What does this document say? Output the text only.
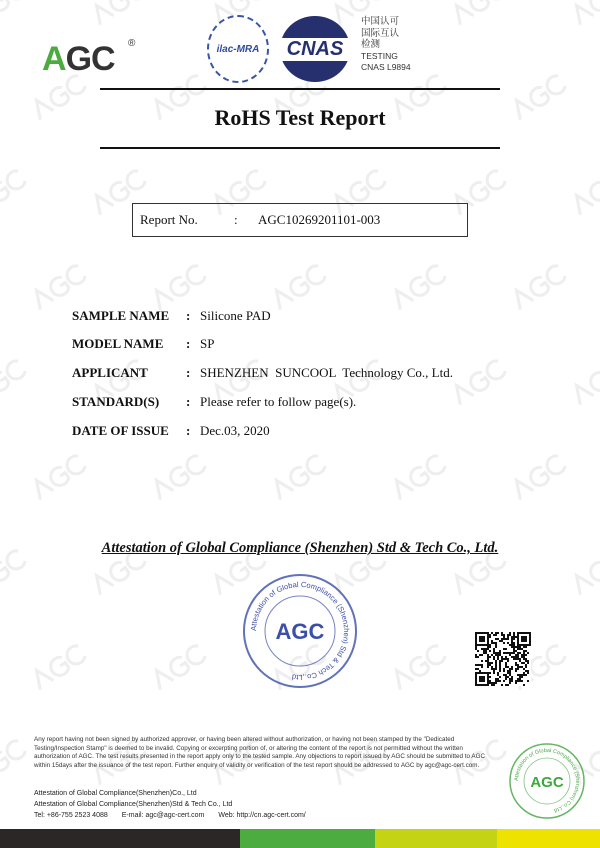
AGC ®	ilac-MRA	CNAS
中国认可
国际互认
检测
TESTING
CNAS L9894
RoHS Test Report
Report No.	:	AGC10269201101-003
SAMPLE NAME	: Silicone PAD
MODEL NAME	: SP
APPLICANT	: SHENZHEN  SUNCOOL  Technology Co., Ltd.
STANDARD(S)	: Please refer to follow page(s).
DATE OF ISSUE	: Dec.03, 2020
Attestation of Global Compliance (Shenzhen) Std & Tech Co., Ltd.
Attestation of Global Compliance (Shenzhen) Std & Tech Co.,Ltd
AGC
Any report having not been signed by authorized approver, or having been altered without authorization, or having not been stamped by the "Dedicated Testing/Inspection Stamp" is deemed to be invalid. Copying or excerpting portion of, or altering the content of the report is not permitted without the written authorization of AGC. The test results presented in the report apply only to the tested sample. Any objections to report issued by AGC should be submitted to AGC within 15days after the issuance of the test report. Further enquiry of validity or verification of the test report should be addressed to AGC by agc@agc-cert.com.
Attestation of Global Compliance(Shenzhen)Co., Ltd
Attestation of Global Compliance(Shenzhen)Std & Tech Co., Ltd
Tel: +86-755 2523 4088 E-mail: agc@agc-cert.com Web: http://cn.agc-cert.com/
Attestation of Global Compliance (Shenzhen) Co.,Ltd
AGC
